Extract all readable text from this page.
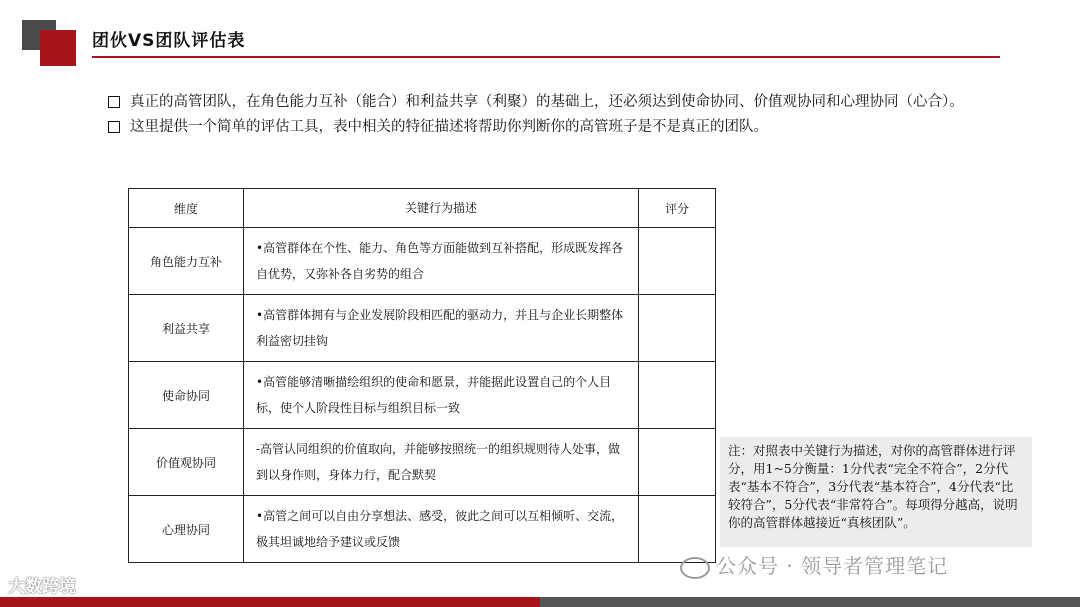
团伙VS团队评估表
真正的高管团队，在角色能力互补（能合）和利益共享（利聚）的基础上，还必须达到使命协同、价值观协同和心理协同（心合）。
这里提供一个简单的评估工具，表中相关的特征描述将帮助你判断你的高管班子是不是真正的团队。
维度	关键行为描述	评分
角色能力互补	•高管群体在个性、能力、角色等方面能做到互补搭配，形成既发挥各自优势，又弥补各自劣势的组合	
利益共享	•高管群体拥有与企业发展阶段相匹配的驱动力，并且与企业长期整体利益密切挂钩	
使命协同	•高管能够清晰描绘组织的使命和愿景，并能据此设置自己的个人目标，使个人阶段性目标与组织目标一致	
价值观协同	-高管认同组织的价值取向，并能够按照统一的组织规则待人处事，做到以身作则，身体力行，配合默契	
心理协同	•高管之间可以自由分享想法、感受，彼此之间可以互相倾听、交流，极其坦诚地给予建议或反馈	
注：对照表中关键行为描述，对你的高管群体进行评分，用1~5分衡量：1分代表“完全不符合”，2分代表“基本不符合”，3分代表“基本符合”，4分代表“比较符合”，5分代表“非常符合”。每项得分越高，说明你的高管群体越接近“真核团队”。
公众号 · 领导者管理笔记
大数跨境
